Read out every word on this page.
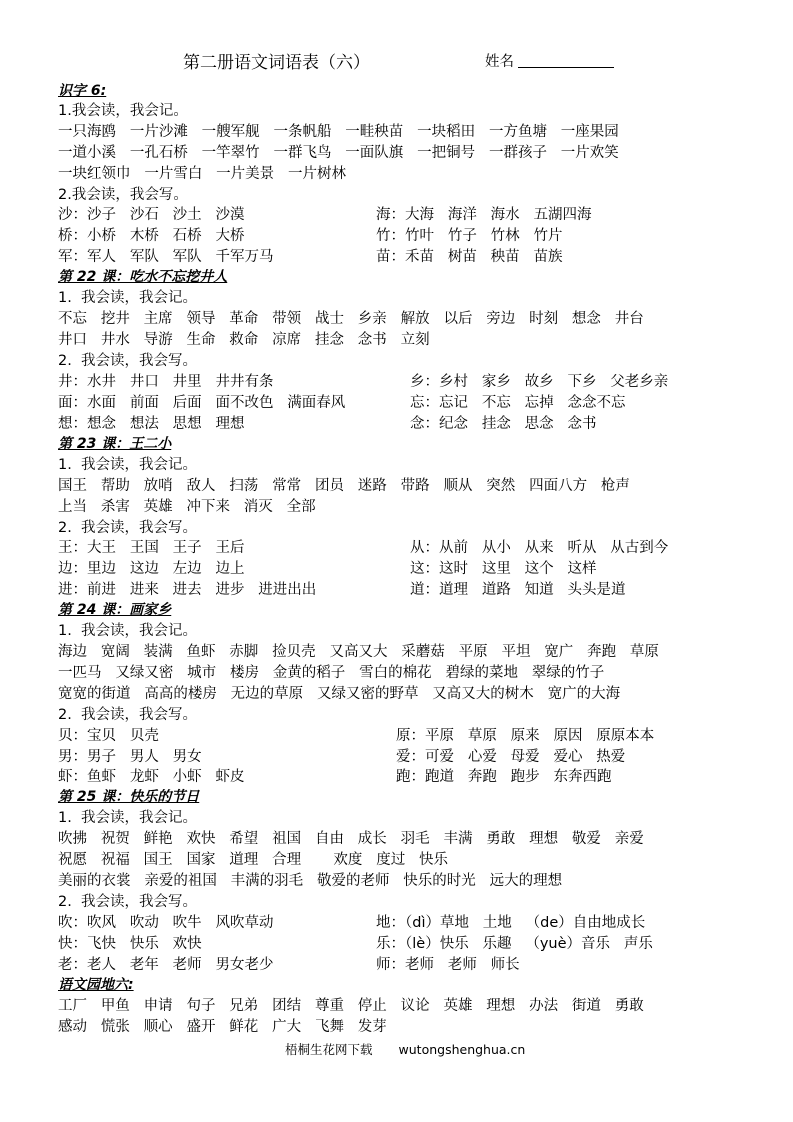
第二册语文词语表（六）	姓名
识字 6:
1.我会读，我会记。
一只海鸥   一片沙滩   一艘军舰   一条帆船   一畦秧苗   一块稻田   一方鱼塘   一座果园
一道小溪   一孔石桥   一竿翠竹   一群飞鸟   一面队旗   一把铜号   一群孩子   一片欢笑
一块红领巾   一片雪白   一片美景   一片树林
2.我会读，我会写。
沙：沙子   沙石   沙土   沙漠	海：大海   海洋   海水   五湖四海
桥：小桥   木桥   石桥   大桥	竹：竹叶   竹子   竹林   竹片
军：军人   军队   军队   千军万马	苗：禾苗   树苗   秧苗   苗族
第 22 课：吃水不忘挖井人
1.  我会读，我会记。
不忘   挖井   主席   领导   革命   带领   战士   乡亲   解放   以后   旁边   时刻   想念   井台
井口   井水   导游   生命   救命   凉席   挂念   念书   立刻
2.  我会读，我会写。
井：水井   井口   井里   井井有条	乡：乡村   家乡   故乡   下乡   父老乡亲
面：水面   前面   后面   面不改色   满面春风	忘：忘记   不忘   忘掉   念念不忘
想：想念   想法   思想   理想	念：纪念   挂念   思念   念书
第 23 课：王二小
1.  我会读，我会记。
国王   帮助   放哨   敌人   扫荡   常常   团员   迷路   带路   顺从   突然   四面八方   枪声
上当   杀害   英雄   冲下来   消灭   全部
2.  我会读，我会写。
王：大王   王国   王子   王后	从：从前   从小   从来   听从   从古到今
边：里边   这边   左边   边上	这：这时   这里   这个   这样
进：前进   进来   进去   进步   进进出出	道：道理   道路   知道   头头是道
第 24 课：画家乡
1.  我会读，我会记。
海边   宽阔   装满   鱼虾   赤脚   捡贝壳   又高又大   采蘑菇   平原   平坦   宽广   奔跑   草原
一匹马   又绿又密   城市   楼房   金黄的稻子   雪白的棉花   碧绿的菜地   翠绿的竹子
宽宽的街道   高高的楼房   无边的草原   又绿又密的野草   又高又大的树木   宽广的大海
2.  我会读，我会写。
贝：宝贝   贝壳	原：平原   草原   原来   原因   原原本本
男：男子   男人   男女	爱：可爱   心爱   母爱   爱心   热爱
虾：鱼虾   龙虾   小虾   虾皮	跑：跑道   奔跑   跑步   东奔西跑
第 25 课：快乐的节日
1.  我会读，我会记。
吹拂   祝贺   鲜艳   欢快   希望   祖国   自由   成长   羽毛   丰满   勇敢   理想   敬爱   亲爱
祝愿   祝福   国王   国家   道理   合理       欢度   度过   快乐
美丽的衣裳   亲爱的祖国   丰满的羽毛   敬爱的老师   快乐的时光   远大的理想
2.  我会读，我会写。
吹：吹风   吹动   吹牛   风吹草动	地：（dì）草地   土地   （de）自由地成长
快：飞快   快乐   欢快	乐：（lè）快乐   乐趣   （yuè）音乐   声乐
老：老人   老年   老师   男女老少	师：老师   老师   师长
语文园地六:
工厂   甲鱼   申请   句子   兄弟   团结   尊重   停止   议论   英雄   理想   办法   街道   勇敢
感动   慌张   顺心   盛开   鲜花   广大   飞舞   发芽
梧桐生花网下载 wutongshenghua.cn
